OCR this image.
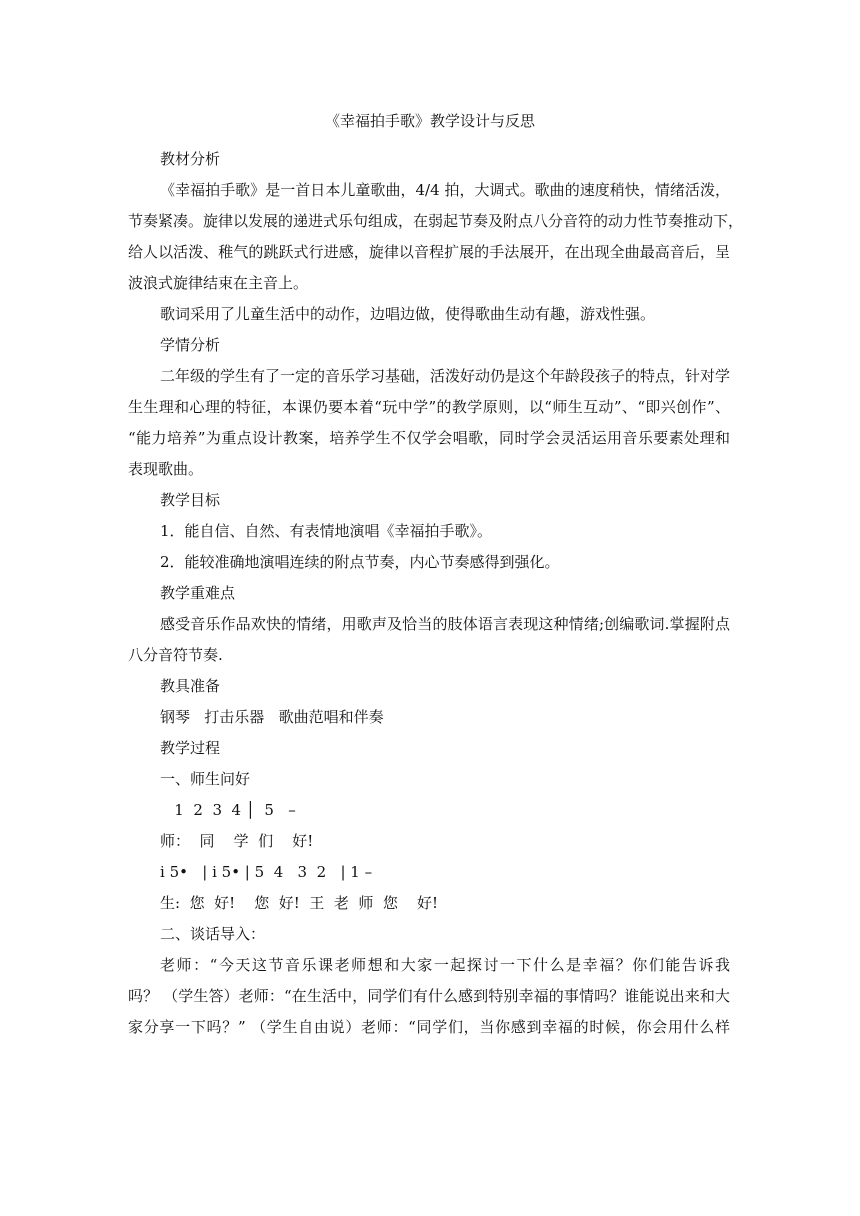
《幸福拍手歌》教学设计与反思
教材分析
《幸福拍手歌》是一首日本儿童歌曲，4/4 拍，大调式。歌曲的速度稍快，情绪活泼，
节奏紧凑。旋律以发展的递进式乐句组成，在弱起节奏及附点八分音符的动力性节奏推动下，
给人以活泼、稚气的跳跃式行进感，旋律以音程扩展的手法展开，在出现全曲最高音后，呈
波浪式旋律结束在主音上。
歌词采用了儿童生活中的动作，边唱边做，使得歌曲生动有趣，游戏性强。
学情分析
二年级的学生有了一定的音乐学习基础，活泼好动仍是这个年龄段孩子的特点，针对学
生生理和心理的特征，本课仍要本着“玩中学”的教学原则，以“师生互动”、“即兴创作”、
“能力培养”为重点设计教案，培养学生不仅学会唱歌，同时学会灵活运用音乐要素处理和
表现歌曲。
教学目标
1．能自信、自然、有表情地演唱《幸福拍手歌》。
2．能较准确地演唱连续的附点节奏，内心节奏感得到强化。
教学重难点
感受音乐作品欢快的情绪，用歌声及恰当的肢体语言表现这种情绪;创编歌词.掌握附点
八分音符节奏.
教具准备
钢琴   打击乐器   歌曲范唱和伴奏
教学过程
一、师生问好
1  2  3  4 │  5   –
师：  同    学  们    好!
i 5•   | i 5• | 5  4   3  2   | 1 –
生:  您  好!    您  好!  王  老  师  您    好!
二、谈话导入：
老师：“今天这节音乐课老师想和大家一起探讨一下什么是幸福？你们能告诉我
吗？ （学生答）老师：“在生活中，同学们有什么感到特别幸福的事情吗？谁能说出来和大
家分享一下吗？” （学生自由说）老师：“同学们，当你感到幸福的时候，你会用什么样
